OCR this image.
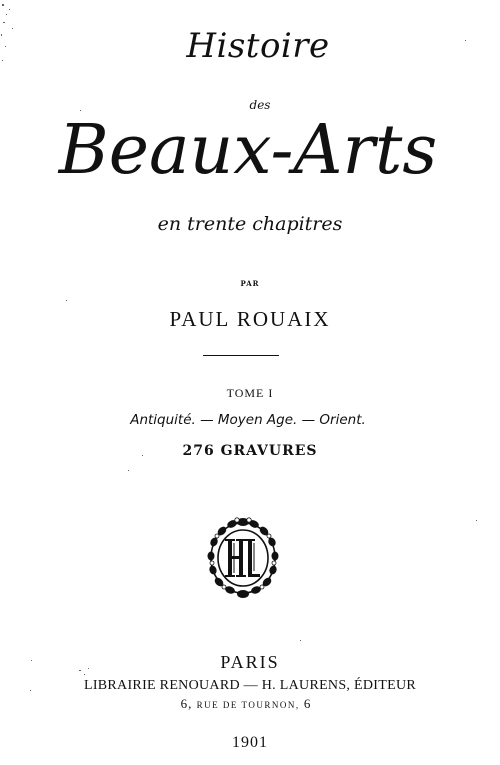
Histoire
des
Beaux-Arts
en trente chapitres
PAR
PAUL ROUAIX
TOME I
Antiquité. — Moyen Age. — Orient.
276 GRAVURES
PARIS
LIBRAIRIE RENOUARD — H. LAURENS, ÉDITEUR
6, RUE DE TOURNON, 6
1901
